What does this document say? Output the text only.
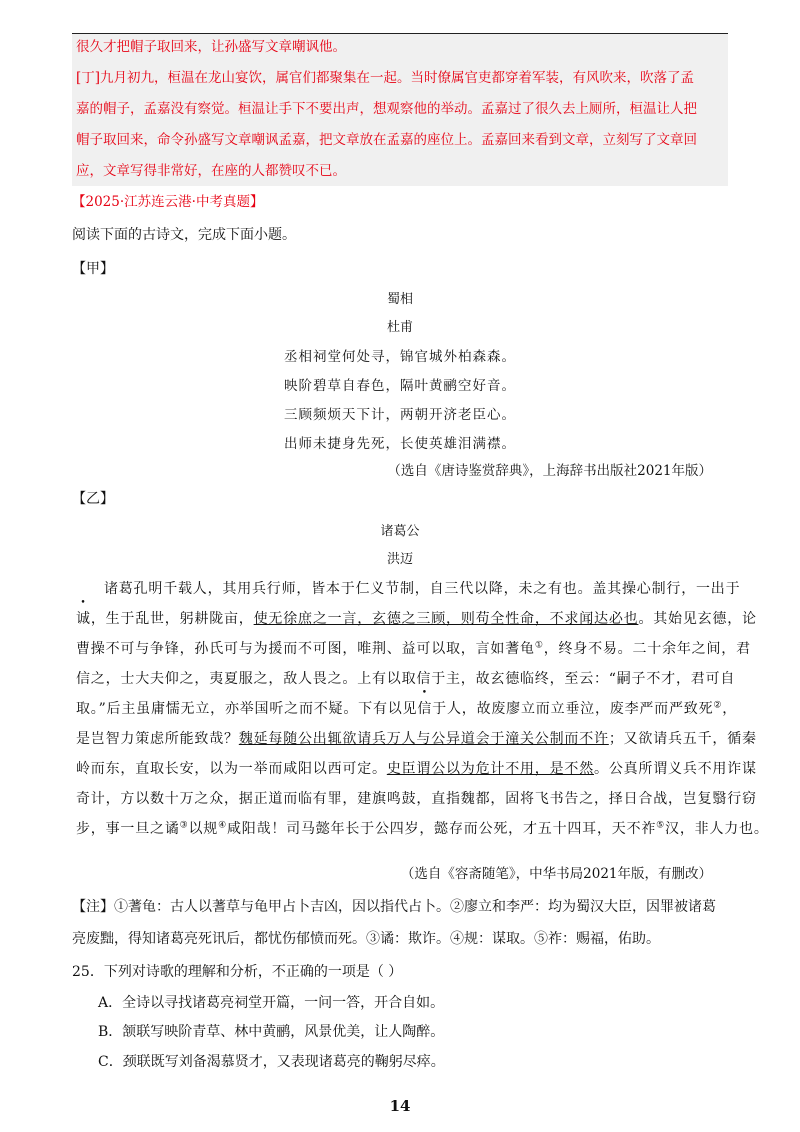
很久才把帽子取回来，让孙盛写文章嘲讽他。

[丁]九月初九，桓温在龙山宴饮，属官们都聚集在一起。当时僚属官吏都穿着军装，有风吹来，吹落了孟

嘉的帽子，孟嘉没有察觉。桓温让手下不要出声，想观察他的举动。孟嘉过了很久去上厕所，桓温让人把

帽子取回来，命令孙盛写文章嘲讽孟嘉，把文章放在孟嘉的座位上。孟嘉回来看到文章，立刻写了文章回

应，文章写得非常好，在座的人都赞叹不已。

【2025·江苏连云港·中考真题】
阅读下面的古诗文，完成下面小题。
【甲】
蜀相
杜甫
丞相祠堂何处寻，锦官城外柏森森。
映阶碧草自春色，隔叶黄鹂空好音。
三顾频烦天下计，两朝开济老臣心。
出师未捷身先死，长使英雄泪满襟。
（选自《唐诗鉴赏辞典》，上海辞书出版社2021年版）
【乙】
诸葛公
洪迈
诸葛孔明千载人，其用兵行师，皆本于仁义节制，自三代以降，未之有也。盖其操心制行，一出于
诚，生于乱世，躬耕陇亩，使无徐庶之一言，玄德之三顾，则苟全性命，不求闻达必也。其始见玄德，论
曹操不可与争锋，孙氏可与为援而不可图，唯荆、益可以取，言如蓍龟①，终身不易。二十余年之间，君
信之，士大夫仰之，夷夏服之，敌人畏之。上有以取信于主，故玄德临终，至云：“嗣子不才，君可自
取。”后主虽庸懦无立，亦举国听之而不疑。下有以见信于人，故废廖立而立垂泣，废李严而严致死②，
是岂智力策虑所能致哉？魏延每随公出辄欲请兵万人与公异道会于潼关公制而不许；又欲请兵五千，循秦
岭而东，直取长安，以为一举而咸阳以西可定。史臣谓公以为危计不用，是不然。公真所谓义兵不用诈谋
奇计，方以数十万之众，据正道而临有罪，建旗鸣鼓，直指魏都，固将飞书告之，择日合战，岂复翳行窃
步，事一旦之谲③以规④咸阳哉！司马懿年长于公四岁，懿存而公死，才五十四耳，天不祚⑤汉，非人力也。
（选自《容斋随笔》，中华书局2021年版，有删改）
【注】①蓍龟：古人以蓍草与龟甲占卜吉凶，因以指代占卜。②廖立和李严：均为蜀汉大臣，因罪被诸葛
亮废黜，得知诸葛亮死讯后，都忧伤郁愤而死。③谲：欺诈。④规：谋取。⑤祚：赐福，佑助。
25．下列对诗歌的理解和分析，不正确的一项是（ ）
A．全诗以寻找诸葛亮祠堂开篇，一问一答，开合自如。
B．颔联写映阶青草、林中黄鹂，风景优美，让人陶醉。
C．颈联既写刘备渴慕贤才，又表现诸葛亮的鞠躬尽瘁。
14
